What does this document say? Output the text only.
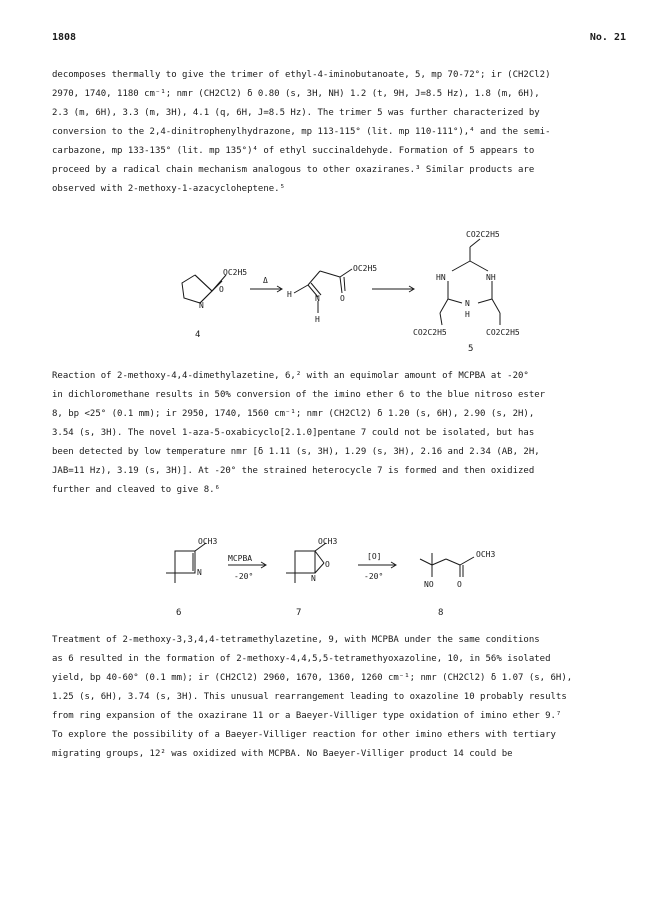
1808	No. 21

decomposes thermally to give the trimer of ethyl-4-iminobutanoate, 5, mp 70-72°; ir (CH2Cl2)

2970, 1740, 1180 cm⁻¹; nmr (CH2Cl2) δ 0.80 (s, 3H, NH) 1.2 (t, 9H, J=8.5 Hz), 1.8 (m, 6H),

2.3 (m, 6H), 3.3 (m, 3H), 4.1 (q, 6H, J=8.5 Hz). The trimer 5 was further characterized by

conversion to the 2,4-dinitrophenylhydrazone, mp 113-115° (lit. mp 110-111°),⁴ and the semi-

carbazone, mp 133-135° (lit. mp 135°)⁴ of ethyl succinaldehyde. Formation of 5 appears to

proceed by a radical chain mechanism analogous to other oxaziranes.³ Similar products are

observed with 2-methoxy-1-azacycloheptene.⁵

OC2H5
N
O
Δ
OC2H5
H	N
H
O
CO2C2H5
HN	NH
N
H
CO2C2H5	CO2C2H5
4
5

Reaction of 2-methoxy-4,4-dimethylazetine, 6,² with an equimolar amount of MCPBA at -20°

in dichloromethane results in 50% conversion of the imino ether 6 to the blue nitroso ester

8, bp <25° (0.1 mm); ir 2950, 1740, 1560 cm⁻¹; nmr (CH2Cl2) δ 1.20 (s, 6H), 2.90 (s, 2H),

3.54 (s, 3H). The novel 1-aza-5-oxabicyclo[2.1.0]pentane 7 could not be isolated, but has

been detected by low temperature nmr [δ 1.11 (s, 3H), 1.29 (s, 3H), 2.16 and 2.34 (AB, 2H,

JAB=11 Hz), 3.19 (s, 3H)]. At -20° the strained heterocycle 7 is formed and then oxidized

further and cleaved to give 8.⁶

OCH3
N
MCPBA
-20°
OCH3
N
O
[O]
-20°
OCH3
NO	O
6	7	8

Treatment of 2-methoxy-3,3,4,4-tetramethylazetine, 9, with MCPBA under the same conditions

as 6 resulted in the formation of 2-methoxy-4,4,5,5-tetramethyoxazoline, 10, in 56% isolated

yield, bp 40-60° (0.1 mm); ir (CH2Cl2) 2960, 1670, 1360, 1260 cm⁻¹; nmr (CH2Cl2) δ 1.07 (s, 6H),

1.25 (s, 6H), 3.74 (s, 3H). This unusual rearrangement leading to oxazoline 10 probably results

from ring expansion of the oxazirane 11 or a Baeyer-Villiger type oxidation of imino ether 9.⁷

To explore the possibility of a Baeyer-Villiger reaction for other imino ethers with tertiary

migrating groups, 12² was oxidized with MCPBA. No Baeyer-Villiger product 14 could be
